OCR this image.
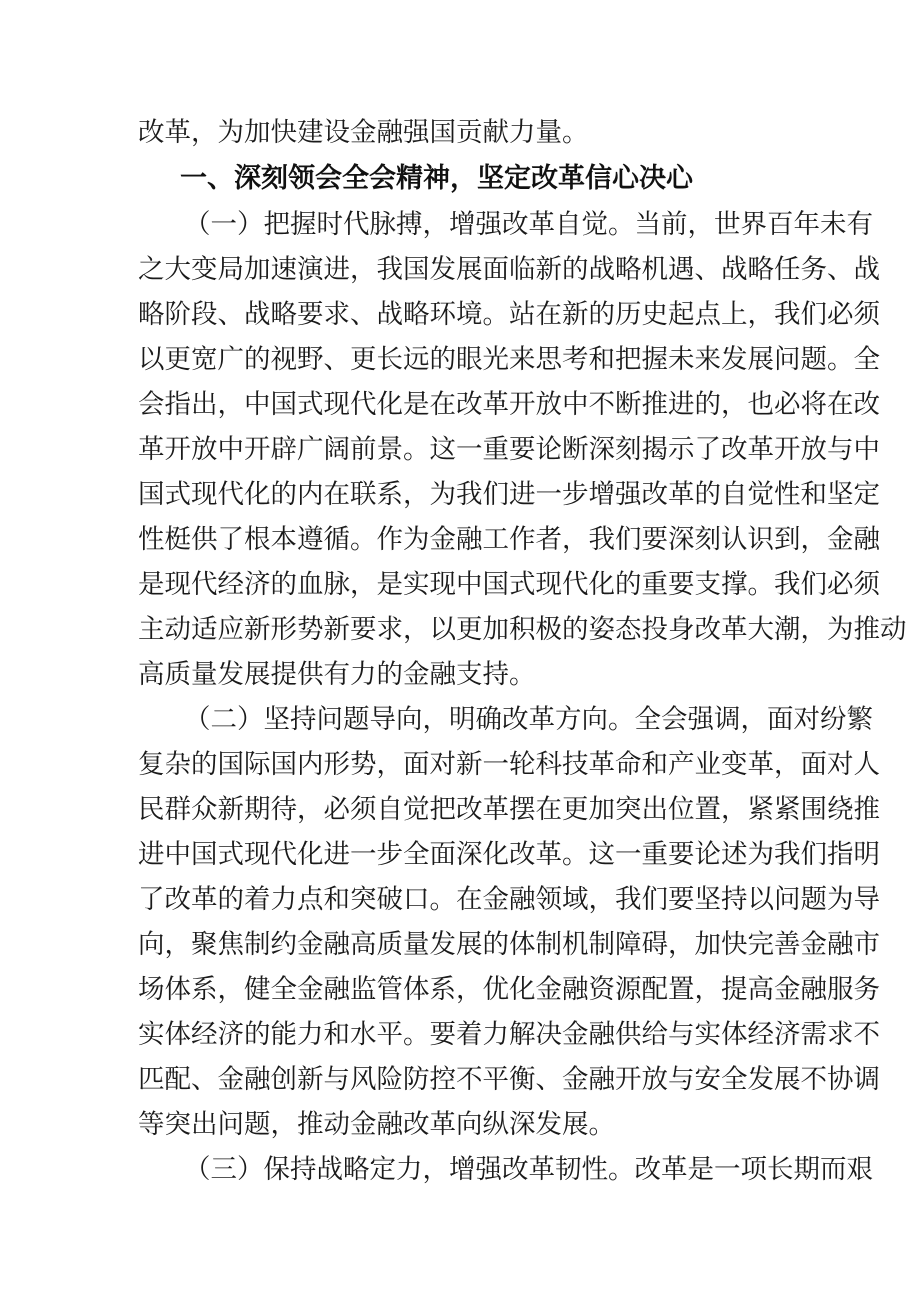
改革，为加快建设金融强国贡献力量。
一、深刻领会全会精神，坚定改革信心决心
（一）把握时代脉搏，增强改革自觉。当前，世界百年未有
之大变局加速演进，我国发展面临新的战略机遇、战略任务、战
略阶段、战略要求、战略环境。站在新的历史起点上，我们必须
以更宽广的视野、更长远的眼光来思考和把握未来发展问题。全
会指出，中国式现代化是在改革开放中不断推进的，也必将在改
革开放中开辟广阔前景。这一重要论断深刻揭示了改革开放与中
国式现代化的内在联系，为我们进一步增强改革的自觉性和坚定
性梃供了根本遵循。作为金融工作者，我们要深刻认识到，金融
是现代经济的血脉，是实现中国式现代化的重要支撑。我们必须
主动适应新形势新要求，以更加积极的姿态投身改革大潮，为推动
高质量发展提供有力的金融支持。
（二）坚持问题导向，明确改革方向。全会强调，面对纷繁
复杂的国际国内形势，面对新一轮科技革命和产业变革，面对人
民群众新期待，必须自觉把改革摆在更加突出位置，紧紧围绕推
进中国式现代化进一步全面深化改革。这一重要论述为我们指明
了改革的着力点和突破口。在金融领域，我们要坚持以问题为导
向，聚焦制约金融高质量发展的体制机制障碍，加快完善金融市
场体系，健全金融监管体系，优化金融资源配置，提高金融服务
实体经济的能力和水平。要着力解决金融供给与实体经济需求不
匹配、金融创新与风险防控不平衡、金融开放与安全发展不协调
等突出问题，推动金融改革向纵深发展。
（三）保持战略定力，增强改革韧性。改革是一项长期而艰
